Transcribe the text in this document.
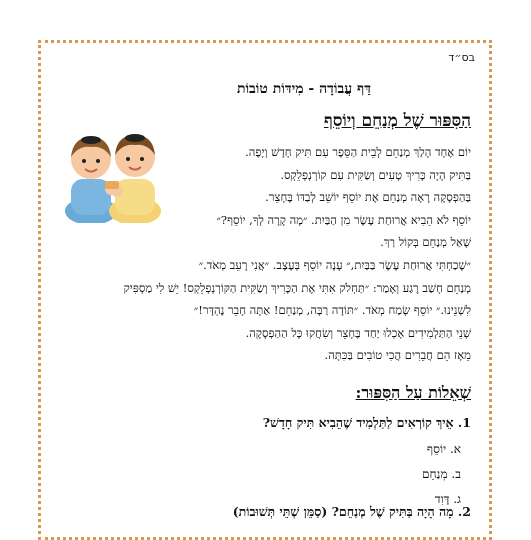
בס״ד
דַּף עֲבוֹדָה - מִידּוֹת טוֹבוֹת
הַסִּפּוּר שֶׁל מְנַחֵם וְיוֹסֵף
יוֹם אֶחָד הָלַךְ מְנַחֵם לְבֵית הַסֵּפֶר עִם תִּיק חָדָשׁ וְיָפֶה.
בַּתִּיק הָיָה כָּרִיךְ טָעִים וְשַׂקִּית עִם קוֹרְנְפְלֵקְס.
בַּהַפְסָקָה רָאָה מְנַחֵם אֶת יוֹסֵף יוֹשֵׁב לְבַדּוֹ בֶּחָצֵר.
יוֹסֵף לֹא הֵבִיא אֲרוּחַת עֶשֶׂר מִן הַבַּיִת. ״מָה קָרָה לְךָ, יוֹסֵף?״
שָׁאַל מְנַחֵם בְּקוֹל רַךְ.
״שָׁכַחְתִּי אֲרוּחַת עֶשֶׂר בַּבַּיִת,״ עָנָה יוֹסֵף בְּעֶצֶב. ״אֲנִי רָעֵב מְאֹד.״
מְנַחֵם חָשַׁב רֶגַע וְאָמַר: ״תַּחְלֹק אִתִּי אֶת הַכָּרִיךְ וְשַׂקִּית הַקּוֹרְנְפְלֵקְס! יֵשׁ לִי מַסְפִּיק
לִשְׁנֵינוּ.״ יוֹסֵף שָׂמַח מְאֹד. ״תּוֹדָה רַבָּה, מְנַחֵם! אַתָּה חָבֵר נֶהְדָּר!״
שְׁנֵי הַתַּלְמִידִים אָכְלוּ יַחַד בֶּחָצֵר וְשִׂחֲקוּ כָּל הַהַפְסָקָה.
מֵאָז הֵם חֲבֵרִים הֲכִי טוֹבִים בַּכִּתָּה.
שְׁאֵלוֹת עַל הַסִּפּוּר:
1. אֵיךְ קוֹרְאִים לַתַּלְמִיד שֶׁהֵבִיא תִּיק חָדָשׁ?
א. יוֹסֵף
ב. מְנַחֵם
ג. דָּוִד
2. מָה הָיָה בַּתִּיק שֶׁל מְנַחֵם? (סַמֵּן שְׁתֵּי תְּשׁוּבוֹת)
